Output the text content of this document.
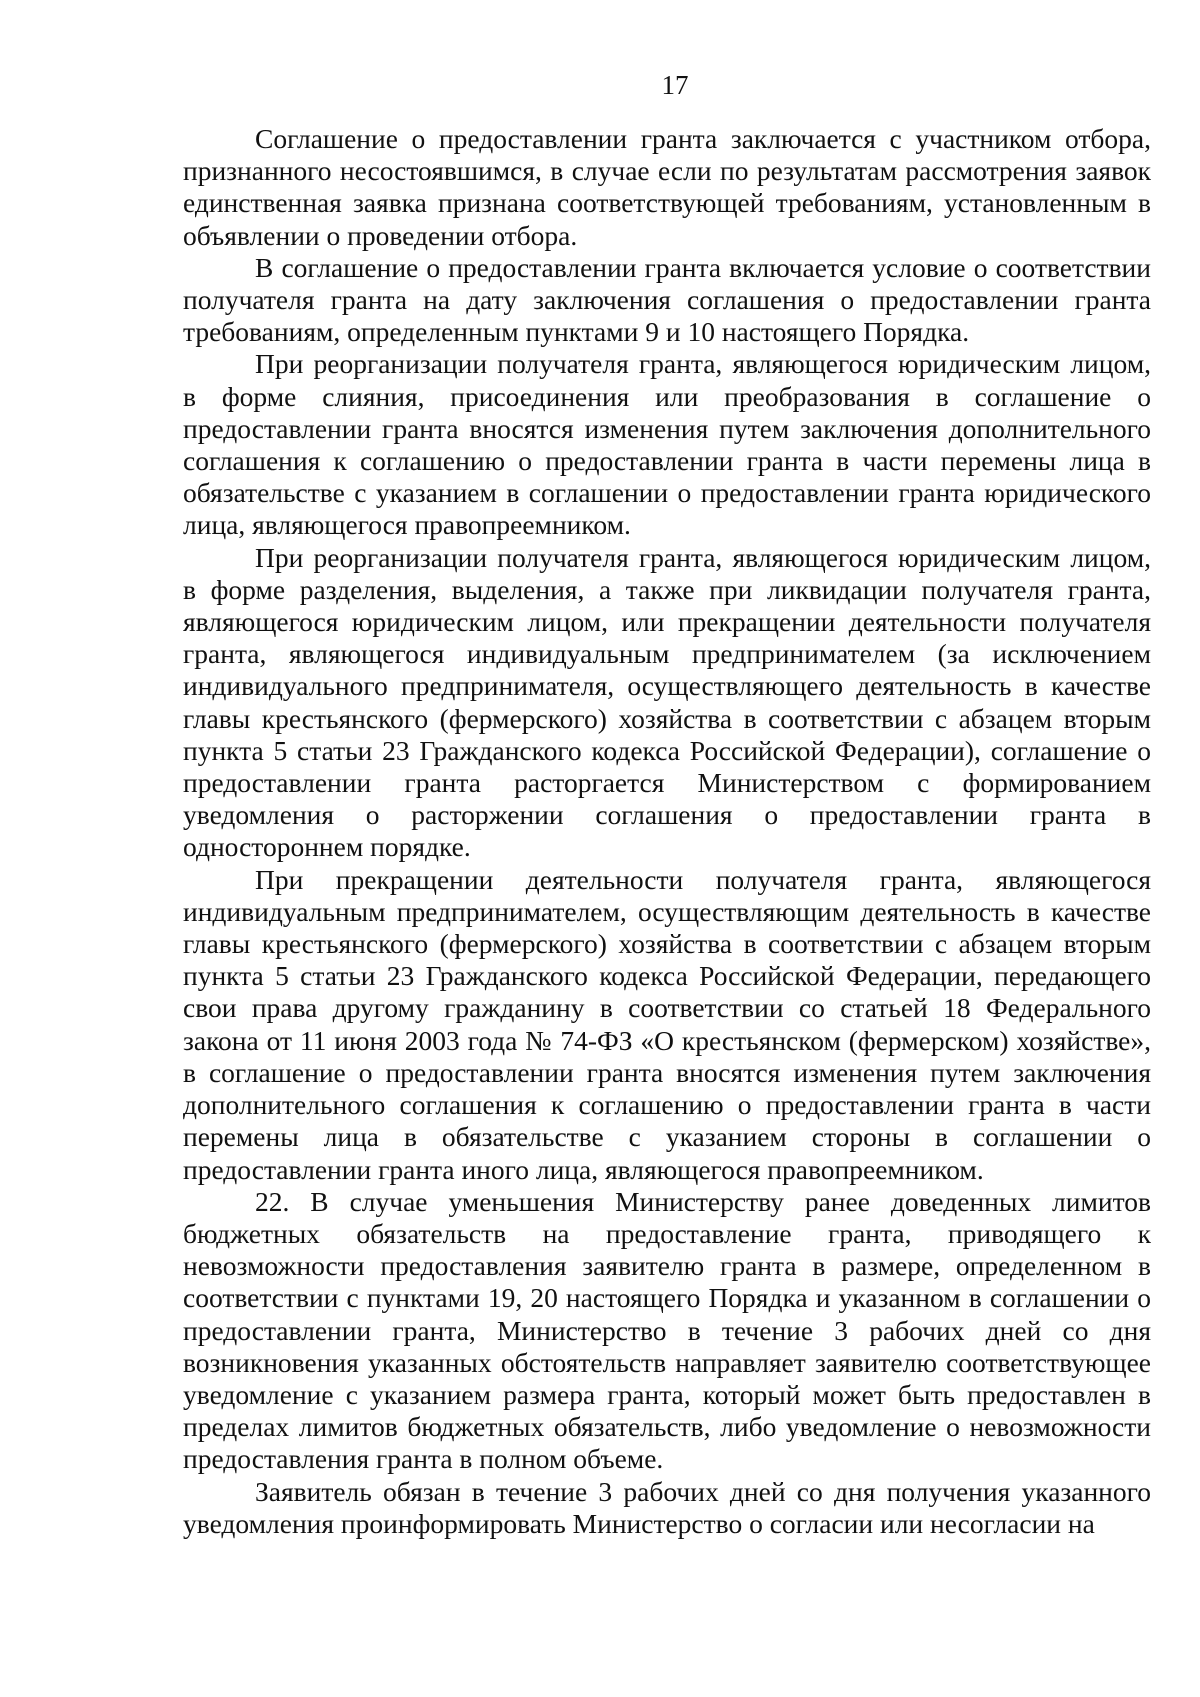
17

Соглашение о предоставлении гранта заключается с участником отбора, признанного несостоявшимся, в случае если по результатам рассмотрения заявок единственная заявка признана соответствующей требованиям, установленным в объявлении о проведении отбора.

В соглашение о предоставлении гранта включается условие о соответствии получателя гранта на дату заключения соглашения о предоставлении гранта требованиям, определенным пунктами 9 и 10 настоящего Порядка.

При реорганизации получателя гранта, являющегося юридическим лицом, в форме слияния, присоединения или преобразования в соглашение о предоставлении гранта вносятся изменения путем заключения дополнительного соглашения к соглашению о предоставлении гранта в части перемены лица в обязательстве с указанием в соглашении о предоставлении гранта юридического лица, являющегося правопреемником.

При реорганизации получателя гранта, являющегося юридическим лицом, в форме разделения, выделения, а также при ликвидации получателя гранта, являющегося юридическим лицом, или прекращении деятельности получателя гранта, являющегося индивидуальным предпринимателем (за исключением индивидуального предпринимателя, осуществляющего деятельность в качестве главы крестьянского (фермерского) хозяйства в соответствии с абзацем вторым пункта 5 статьи 23 Гражданского кодекса Российской Федерации), соглашение о предоставлении гранта расторгается Министерством с формированием уведомления о расторжении соглашения о предоставлении гранта в одностороннем порядке.

При прекращении деятельности получателя гранта, являющегося индивидуальным предпринимателем, осуществляющим деятельность в качестве главы крестьянского (фермерского) хозяйства в соответствии с абзацем вторым пункта 5 статьи 23 Гражданского кодекса Российской Федерации, передающего свои права другому гражданину в соответствии со статьей 18 Федерального закона от 11 июня 2003 года № 74-ФЗ «О крестьянском (фермерском) хозяйстве», в соглашение о предоставлении гранта вносятся изменения путем заключения дополнительного соглашения к соглашению о предоставлении гранта в части перемены лица в обязательстве с указанием стороны в соглашении о предоставлении гранта иного лица, являющегося правопреемником.

22. В случае уменьшения Министерству ранее доведенных лимитов бюджетных обязательств на предоставление гранта, приводящего к невозможности предоставления заявителю гранта в размере, определенном в соответствии с пунктами 19, 20 настоящего Порядка и указанном в соглашении о предоставлении гранта, Министерство в течение 3 рабочих дней со дня возникновения указанных обстоятельств направляет заявителю соответствующее уведомление с указанием размера гранта, который может быть предоставлен в пределах лимитов бюджетных обязательств, либо уведомление о невозможности предоставления гранта в полном объеме.

Заявитель обязан в течение 3 рабочих дней со дня получения указанного уведомления проинформировать Министерство о согласии или несогласии на
